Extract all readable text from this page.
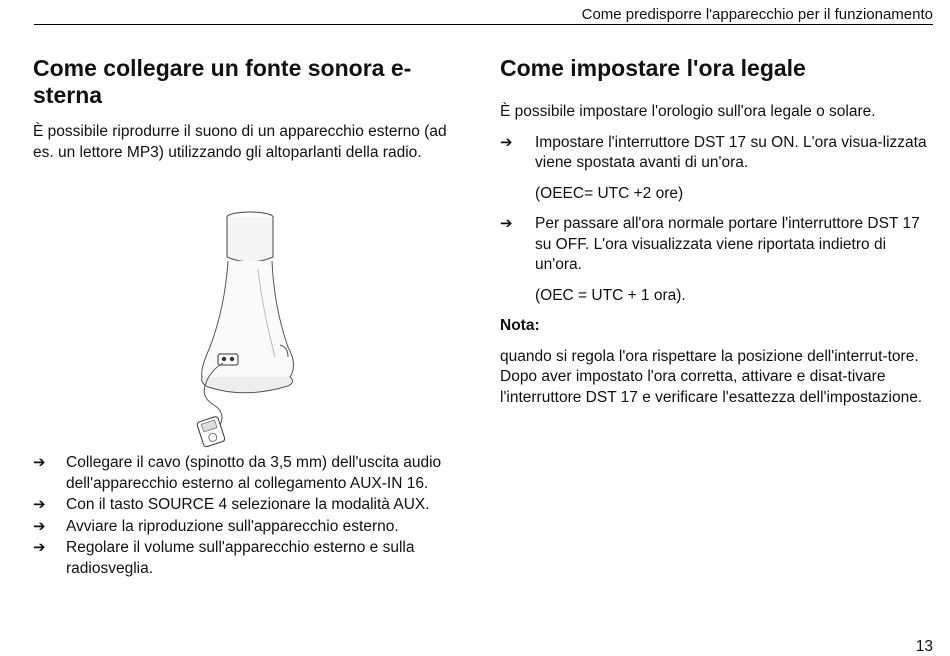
Come predisporre l'apparecchio per il funzionamento
Come collegare un fonte sonora e-
sterna

È possibile riprodurre il suono di un apparecchio esterno (ad es. un lettore MP3) utilizzando gli altoparlanti della radio.

➔	Collegare il cavo (spinotto da 3,5 mm) dell'uscita audio dell'apparecchio esterno al collegamento AUX-IN 16.
➔	Con il tasto SOURCE 4 selezionare la modalità AUX.
➔	Avviare la riproduzione sull'apparecchio esterno.
➔	Regolare il volume sull'apparecchio esterno e sulla radiosveglia.
Come impostare l'ora legale

È possibile impostare l'orologio sull'ora legale o solare.

➔	Impostare l'interruttore DST 17 su ON. L'ora visua-lizzata viene spostata avanti di un'ora.
(OEEC= UTC +2 ore)
➔	Per passare all'ora normale portare l'interruttore DST 17 su OFF. L'ora visualizzata viene riportata indietro di un'ora.
(OEC = UTC + 1 ora).
Nota:

quando si regola l'ora rispettare la posizione dell'interrut-tore. Dopo aver impostato l'ora corretta, attivare e disat-tivare l'interruttore DST 17 e verificare l'esattezza dell'impostazione.

13
